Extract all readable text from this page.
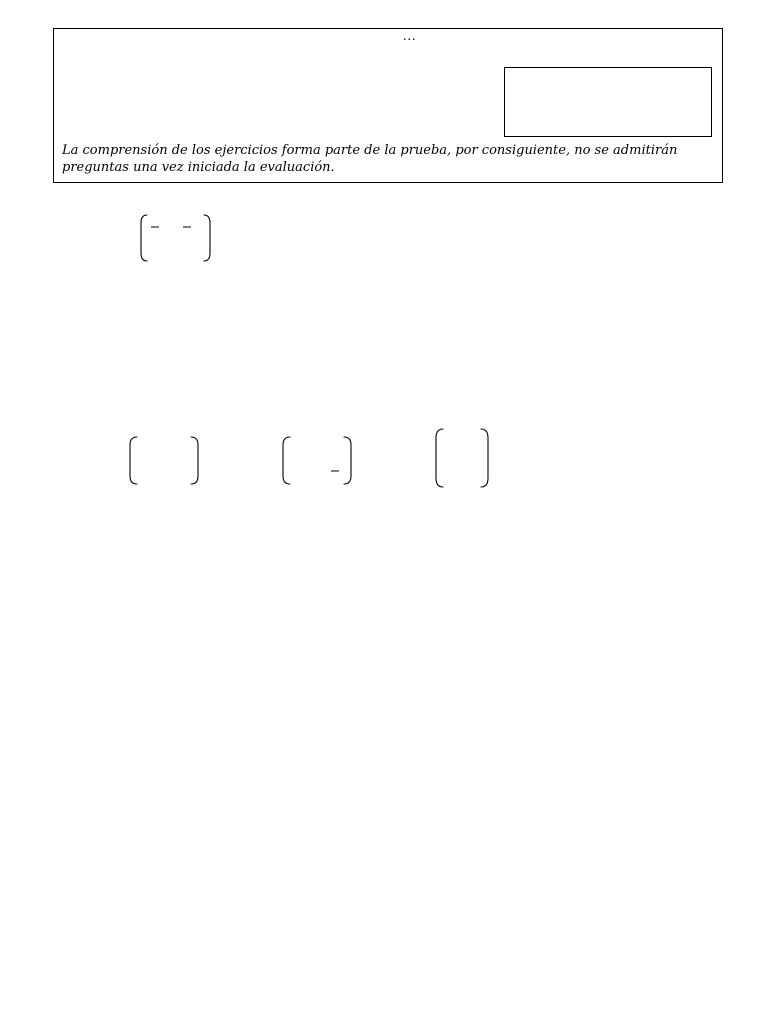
...

La comprensión de los ejercicios forma parte de la prueba, por consiguiente, no se admitirán preguntas una vez iniciada la evaluación.
